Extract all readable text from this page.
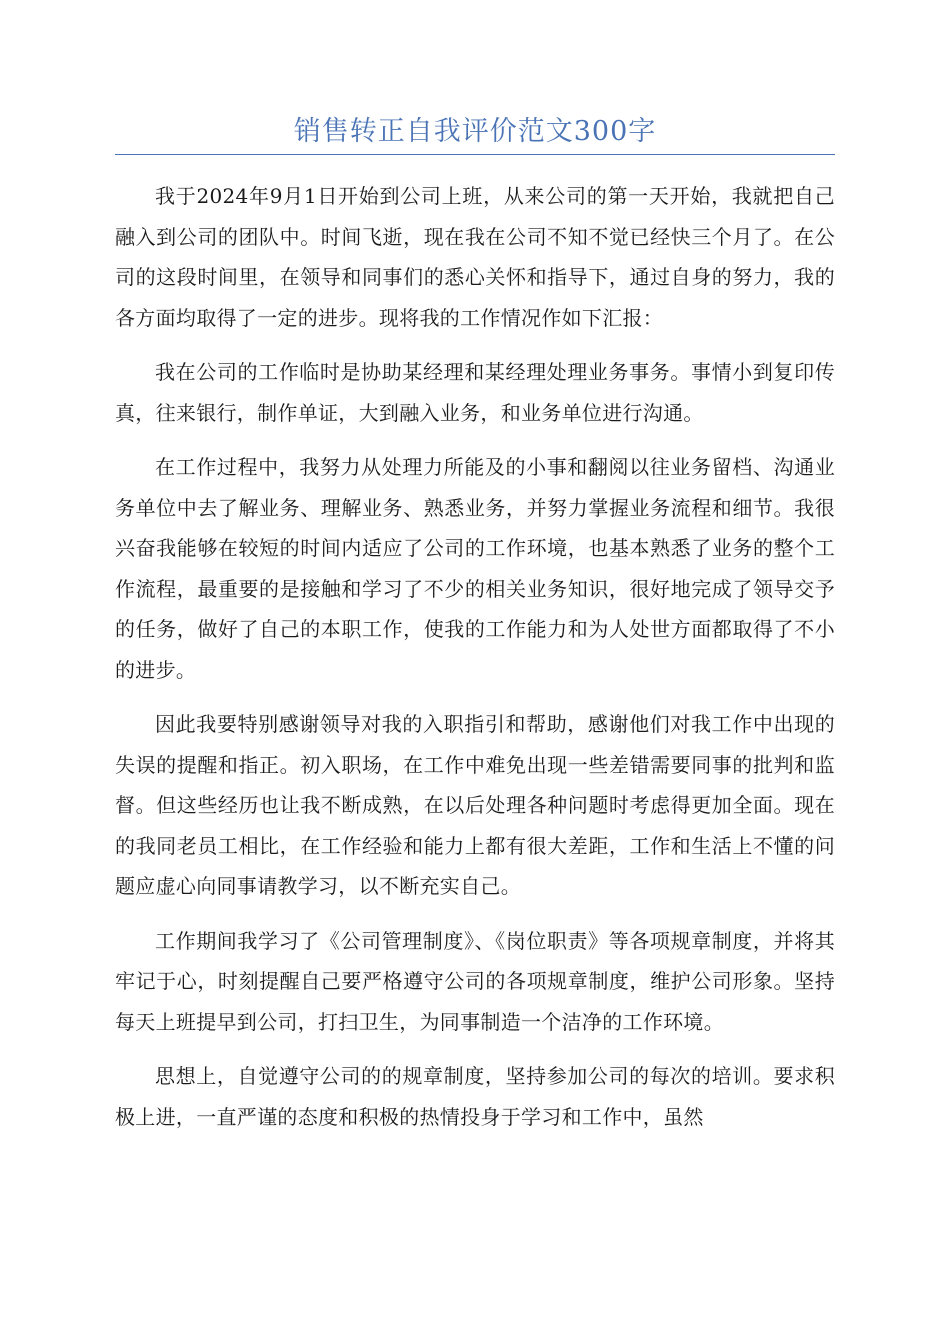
销售转正自我评价范文300字

我于2024年9月1日开始到公司上班，从来公司的第一天开始，我就把自己融入到公司的团队中。时间飞逝，现在我在公司不知不觉已经快三个月了。在公司的这段时间里，在领导和同事们的悉心关怀和指导下，通过自身的努力，我的各方面均取得了一定的进步。现将我的工作情况作如下汇报：

我在公司的工作临时是协助某经理和某经理处理业务事务。事情小到复印传真，往来银行，制作单证，大到融入业务，和业务单位进行沟通。

在工作过程中，我努力从处理力所能及的小事和翻阅以往业务留档、沟通业务单位中去了解业务、理解业务、熟悉业务，并努力掌握业务流程和细节。我很兴奋我能够在较短的时间内适应了公司的工作环境，也基本熟悉了业务的整个工作流程，最重要的是接触和学习了不少的相关业务知识，很好地完成了领导交予的任务，做好了自己的本职工作，使我的工作能力和为人处世方面都取得了不小的进步。

因此我要特别感谢领导对我的入职指引和帮助，感谢他们对我工作中出现的失误的提醒和指正。初入职场，在工作中难免出现一些差错需要同事的批判和监督。但这些经历也让我不断成熟，在以后处理各种问题时考虑得更加全面。现在的我同老员工相比，在工作经验和能力上都有很大差距，工作和生活上不懂的问题应虚心向同事请教学习，以不断充实自己。

工作期间我学习了《公司管理制度》、《岗位职责》等各项规章制度，并将其牢记于心，时刻提醒自己要严格遵守公司的各项规章制度，维护公司形象。坚持每天上班提早到公司，打扫卫生，为同事制造一个洁净的工作环境。

思想上，自觉遵守公司的的规章制度，坚持参加公司的每次的培训。要求积极上进，一直严谨的态度和积极的热情投身于学习和工作中，虽然
